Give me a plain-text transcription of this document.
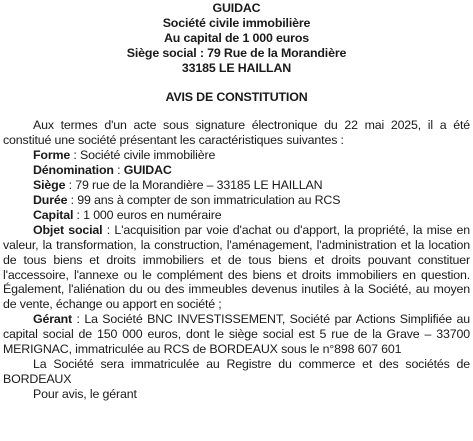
GUIDAC
Société civile immobilière
Au capital de 1 000 euros
Siège social : 79 Rue de la Morandière
33185 LE HAILLAN
AVIS DE CONSTITUTION

Aux termes d'un acte sous signature électronique du 22 mai 2025, il a été constitué une société présentant les caractéristiques suivantes :

Forme : Société civile immobilière

Dénomination : GUIDAC

Siège : 79 rue de la Morandière – 33185 LE HAILLAN

Durée : 99 ans à compter de son immatriculation au RCS

Capital : 1 000 euros en numéraire

Objet social : L'acquisition par voie d'achat ou d'apport, la propriété, la mise en valeur, la transformation, la construction, l'aménagement, l'administration et la location de tous biens et droits immobiliers et de tous biens et droits pouvant constituer l'accessoire, l'annexe ou le complément des biens et droits immobiliers en question. Également, l'aliénation du ou des immeubles devenus inutiles à la Société, au moyen de vente, échange ou apport en société ;

Gérant : La Société BNC INVESTISSEMENT, Société par Actions Simplifiée au capital social de 150 000 euros, dont le siège social est 5 rue de la Grave – 33700 MERIGNAC, immatriculée au RCS de BORDEAUX sous le n°898 607 601

La Société sera immatriculée au Registre du commerce et des sociétés de BORDEAUX

Pour avis, le gérant
